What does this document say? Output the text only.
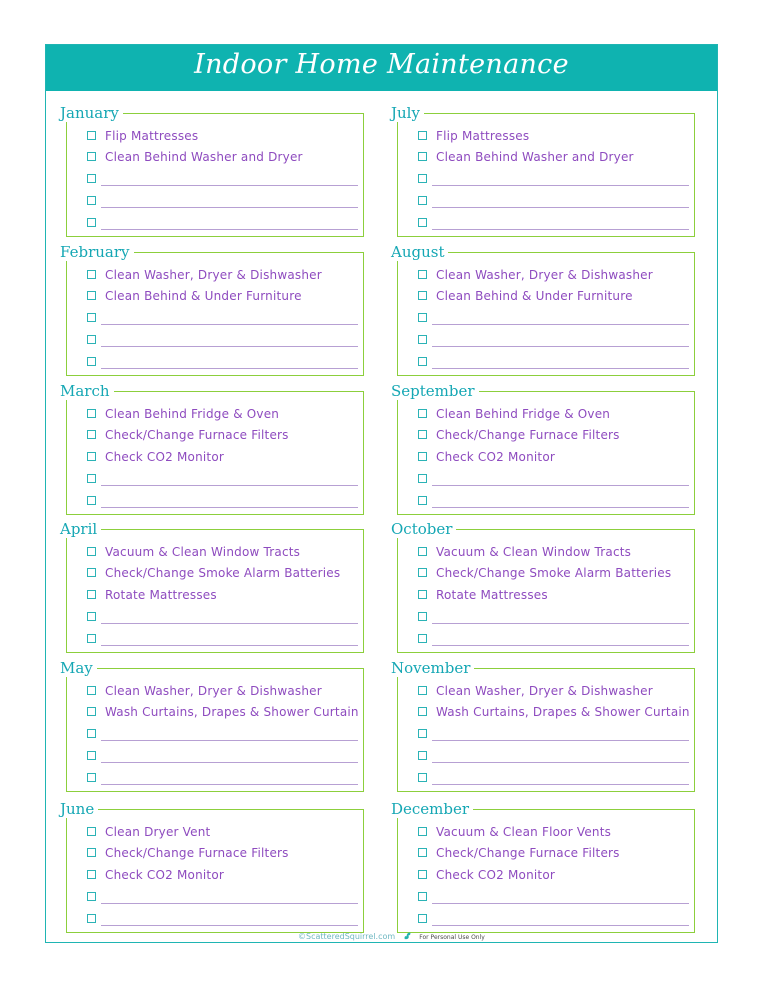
Indoor Home Maintenance
January
Flip Mattresses
Clean Behind Washer and Dryer
February
Clean Washer, Dryer & Dishwasher
Clean Behind & Under Furniture
March
Clean Behind Fridge & Oven
Check/Change Furnace Filters
Check CO2 Monitor
April
Vacuum & Clean Window Tracts
Check/Change Smoke Alarm Batteries
Rotate Mattresses
May
Clean Washer, Dryer & Dishwasher
Wash Curtains, Drapes & Shower Curtain
June
Clean Dryer Vent
Check/Change Furnace Filters
Check CO2 Monitor
July
Flip Mattresses
Clean Behind Washer and Dryer
August
Clean Washer, Dryer & Dishwasher
Clean Behind & Under Furniture
September
Clean Behind Fridge & Oven
Check/Change Furnace Filters
Check CO2 Monitor
October
Vacuum & Clean Window Tracts
Check/Change Smoke Alarm Batteries
Rotate Mattresses
November
Clean Washer, Dryer & Dishwasher
Wash Curtains, Drapes & Shower Curtain
December
Vacuum & Clean Floor Vents
Check/Change Furnace Filters
Check CO2 Monitor
©ScatteredSquirrel.com	For Personal Use Only
